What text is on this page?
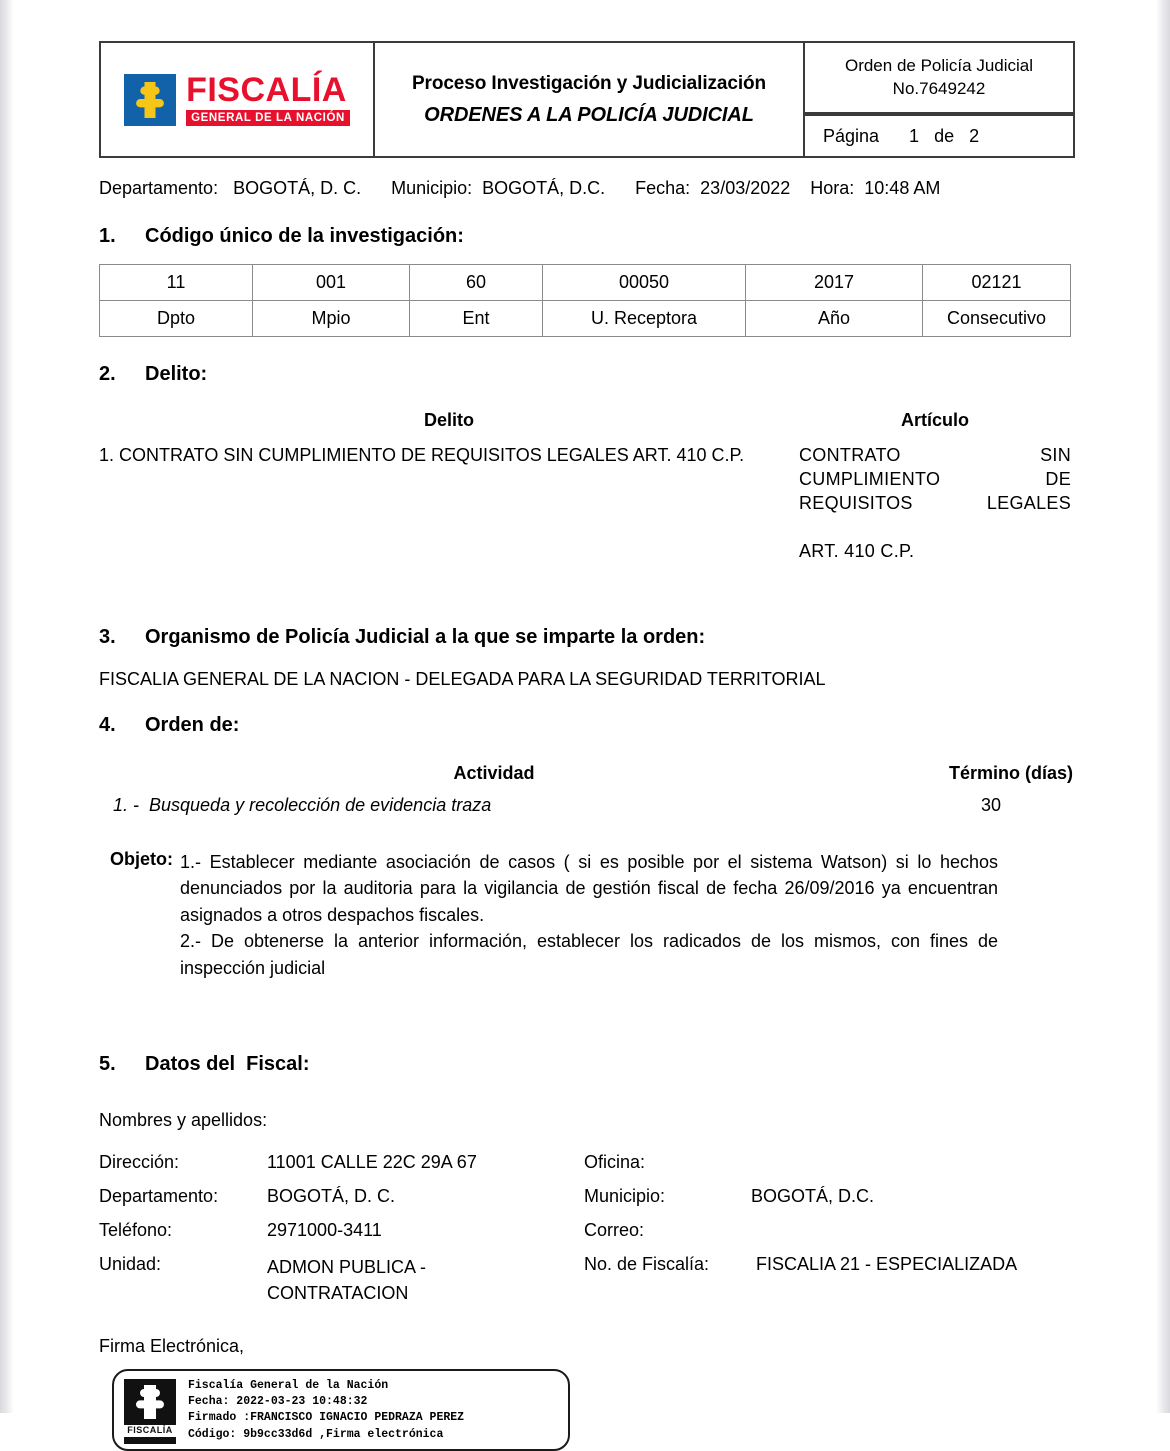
FISCALÍA
GENERAL DE LA NACIÓN

Proceso Investigación y Judicialización
ORDENES A LA POLICÍA JUDICIAL

Orden de Policía Judicial
No.7649242

Página      1   de   2
Departamento:   BOGOTÁ, D. C.      Municipio:  BOGOTÁ, D.C.      Fecha:  23/03/2022    Hora:  10:48 AM
1. Código único de la investigación:
11	001	60	00050	2017	02121
Dpto	Mpio	Ent	U. Receptora	Año	Consecutivo
2. Delito:
Delito	Artículo
1. CONTRATO SIN CUMPLIMIENTO DE REQUISITOS LEGALES ART. 410 C.P.	CONTRATO SIN CUMPLIMIENTO DE REQUISITOS LEGALES
ART. 410 C.P.
3. Organismo de Policía Judicial a la que se imparte la orden:
FISCALIA GENERAL DE LA NACION - DELEGADA PARA LA SEGURIDAD TERRITORIAL
4. Orden de:
Actividad	Término (días)
1. -  Busqueda y recolección de evidencia traza	30
Objeto: 1.- Establecer mediante asociación de casos ( si es posible por el sistema Watson) si lo hechos denunciados por la auditoria para la vigilancia de gestión fiscal de fecha 26/09/2016 ya encuentran asignados a otros despachos fiscales.

2.- De obtenerse la anterior información, establecer los radicados de los mismos, con fines de inspección judicial

5. Datos del  Fiscal:
Nombres y apellidos:
Dirección:	11001 CALLE 22C 29A 67	Oficina:
Departamento:	BOGOTÁ, D. C.	Municipio:	BOGOTÁ, D.C.
Teléfono:	2971000-3411	Correo:
Unidad:	ADMON PUBLICA - CONTRATACION
No. de Fiscalía:	FISCALIA 21 - ESPECIALIZADA
Firma Electrónica,
FISCALÍA
Fiscalía General de la Nación
Fecha: 2022-03-23 10:48:32
Firmado :FRANCISCO IGNACIO PEDRAZA PEREZ
Código: 9b9cc33d6d ,Firma electrónica
